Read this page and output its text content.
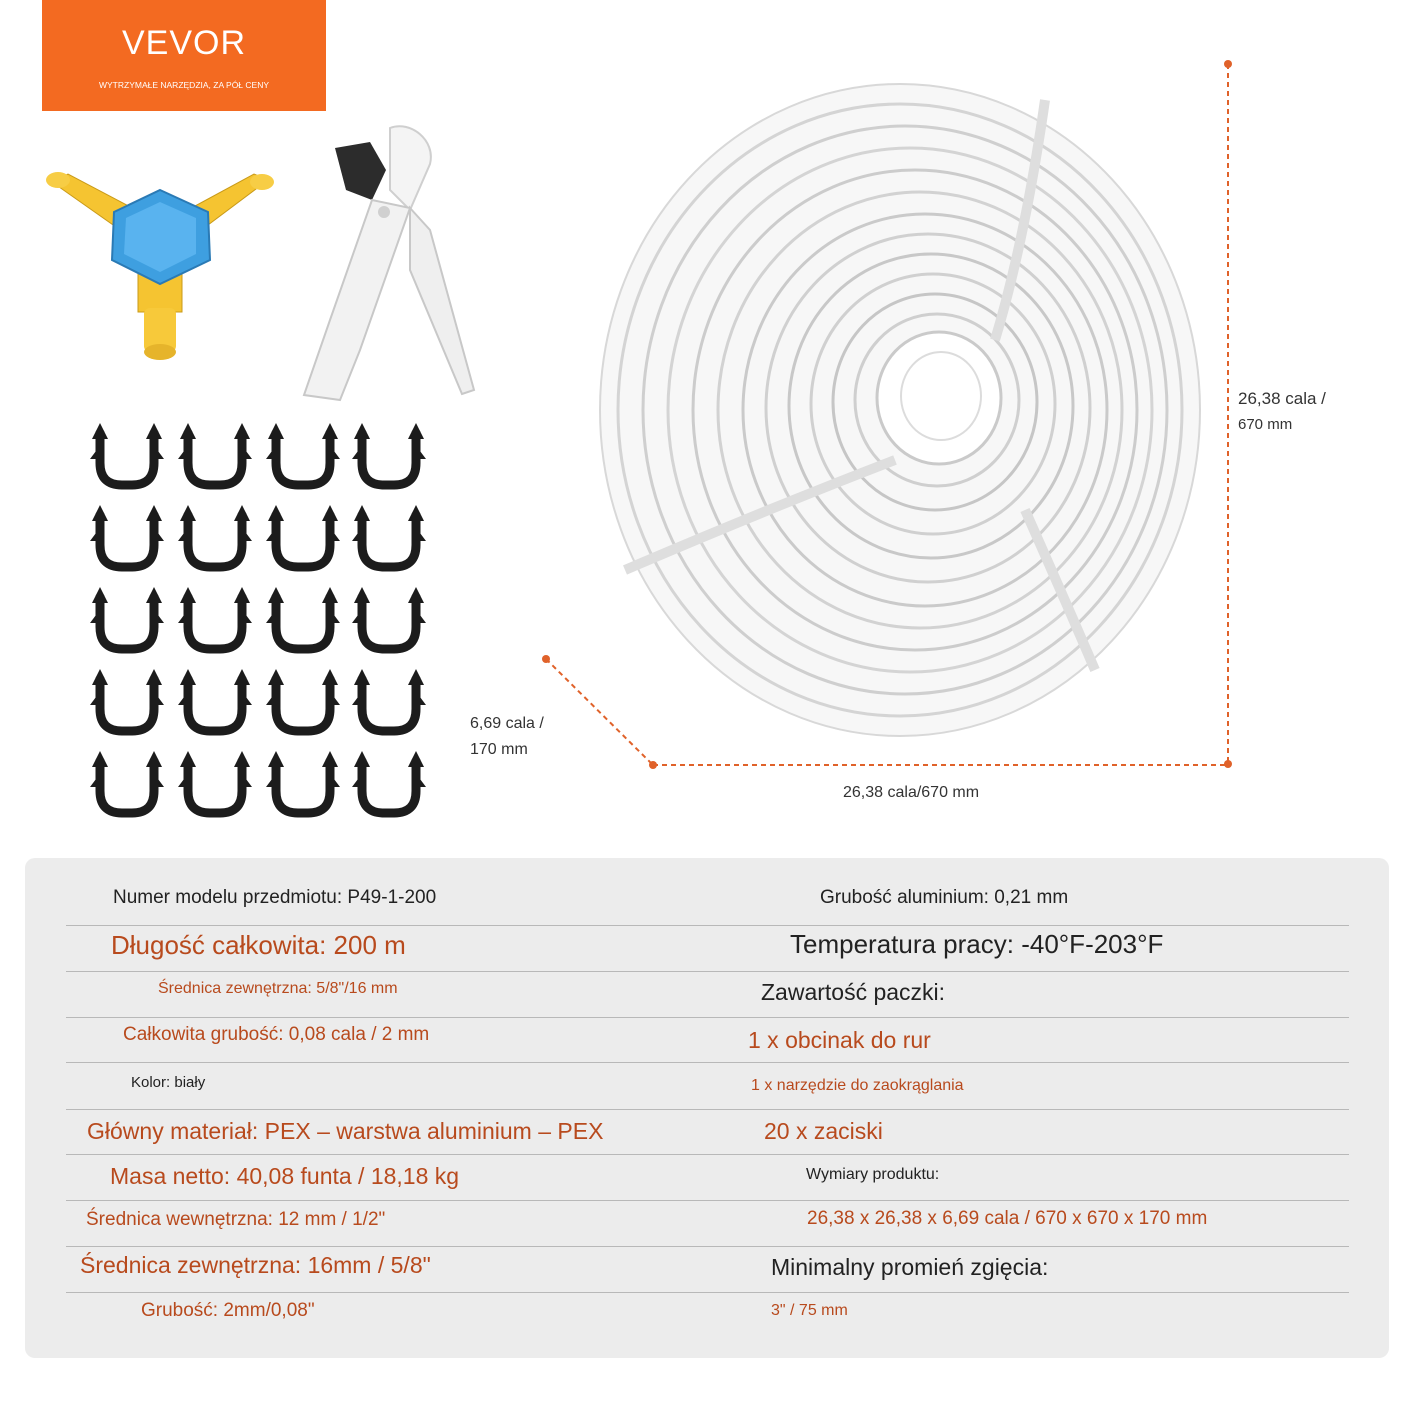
VEVOR
WYTRZYMAŁE NARZĘDZIA, ZA PÓŁ CENY
26,38 cala /
670 mm
6,69 cala /
170 mm
26,38 cala/670 mm
Numer modelu przedmiotu: P49-1-200
Długość całkowita: 200 m
Średnica zewnętrzna: 5/8"/16 mm
Całkowita grubość: 0,08 cala / 2 mm
Kolor: biały
Główny materiał: PEX – warstwa aluminium – PEX
Masa netto: 40,08 funta / 18,18 kg
Średnica wewnętrzna: 12 mm / 1/2"
Średnica zewnętrzna: 16mm / 5/8"
Grubość: 2mm/0,08"
Grubość aluminium: 0,21 mm
Temperatura pracy: -40°F-203°F
Zawartość paczki:
1 x obcinak do rur
1 x narzędzie do zaokrąglania
20 x zaciski
Wymiary produktu:
26,38 x 26,38 x 6,69 cala / 670 x 670 x 170 mm
Minimalny promień zgięcia:
3" / 75 mm
